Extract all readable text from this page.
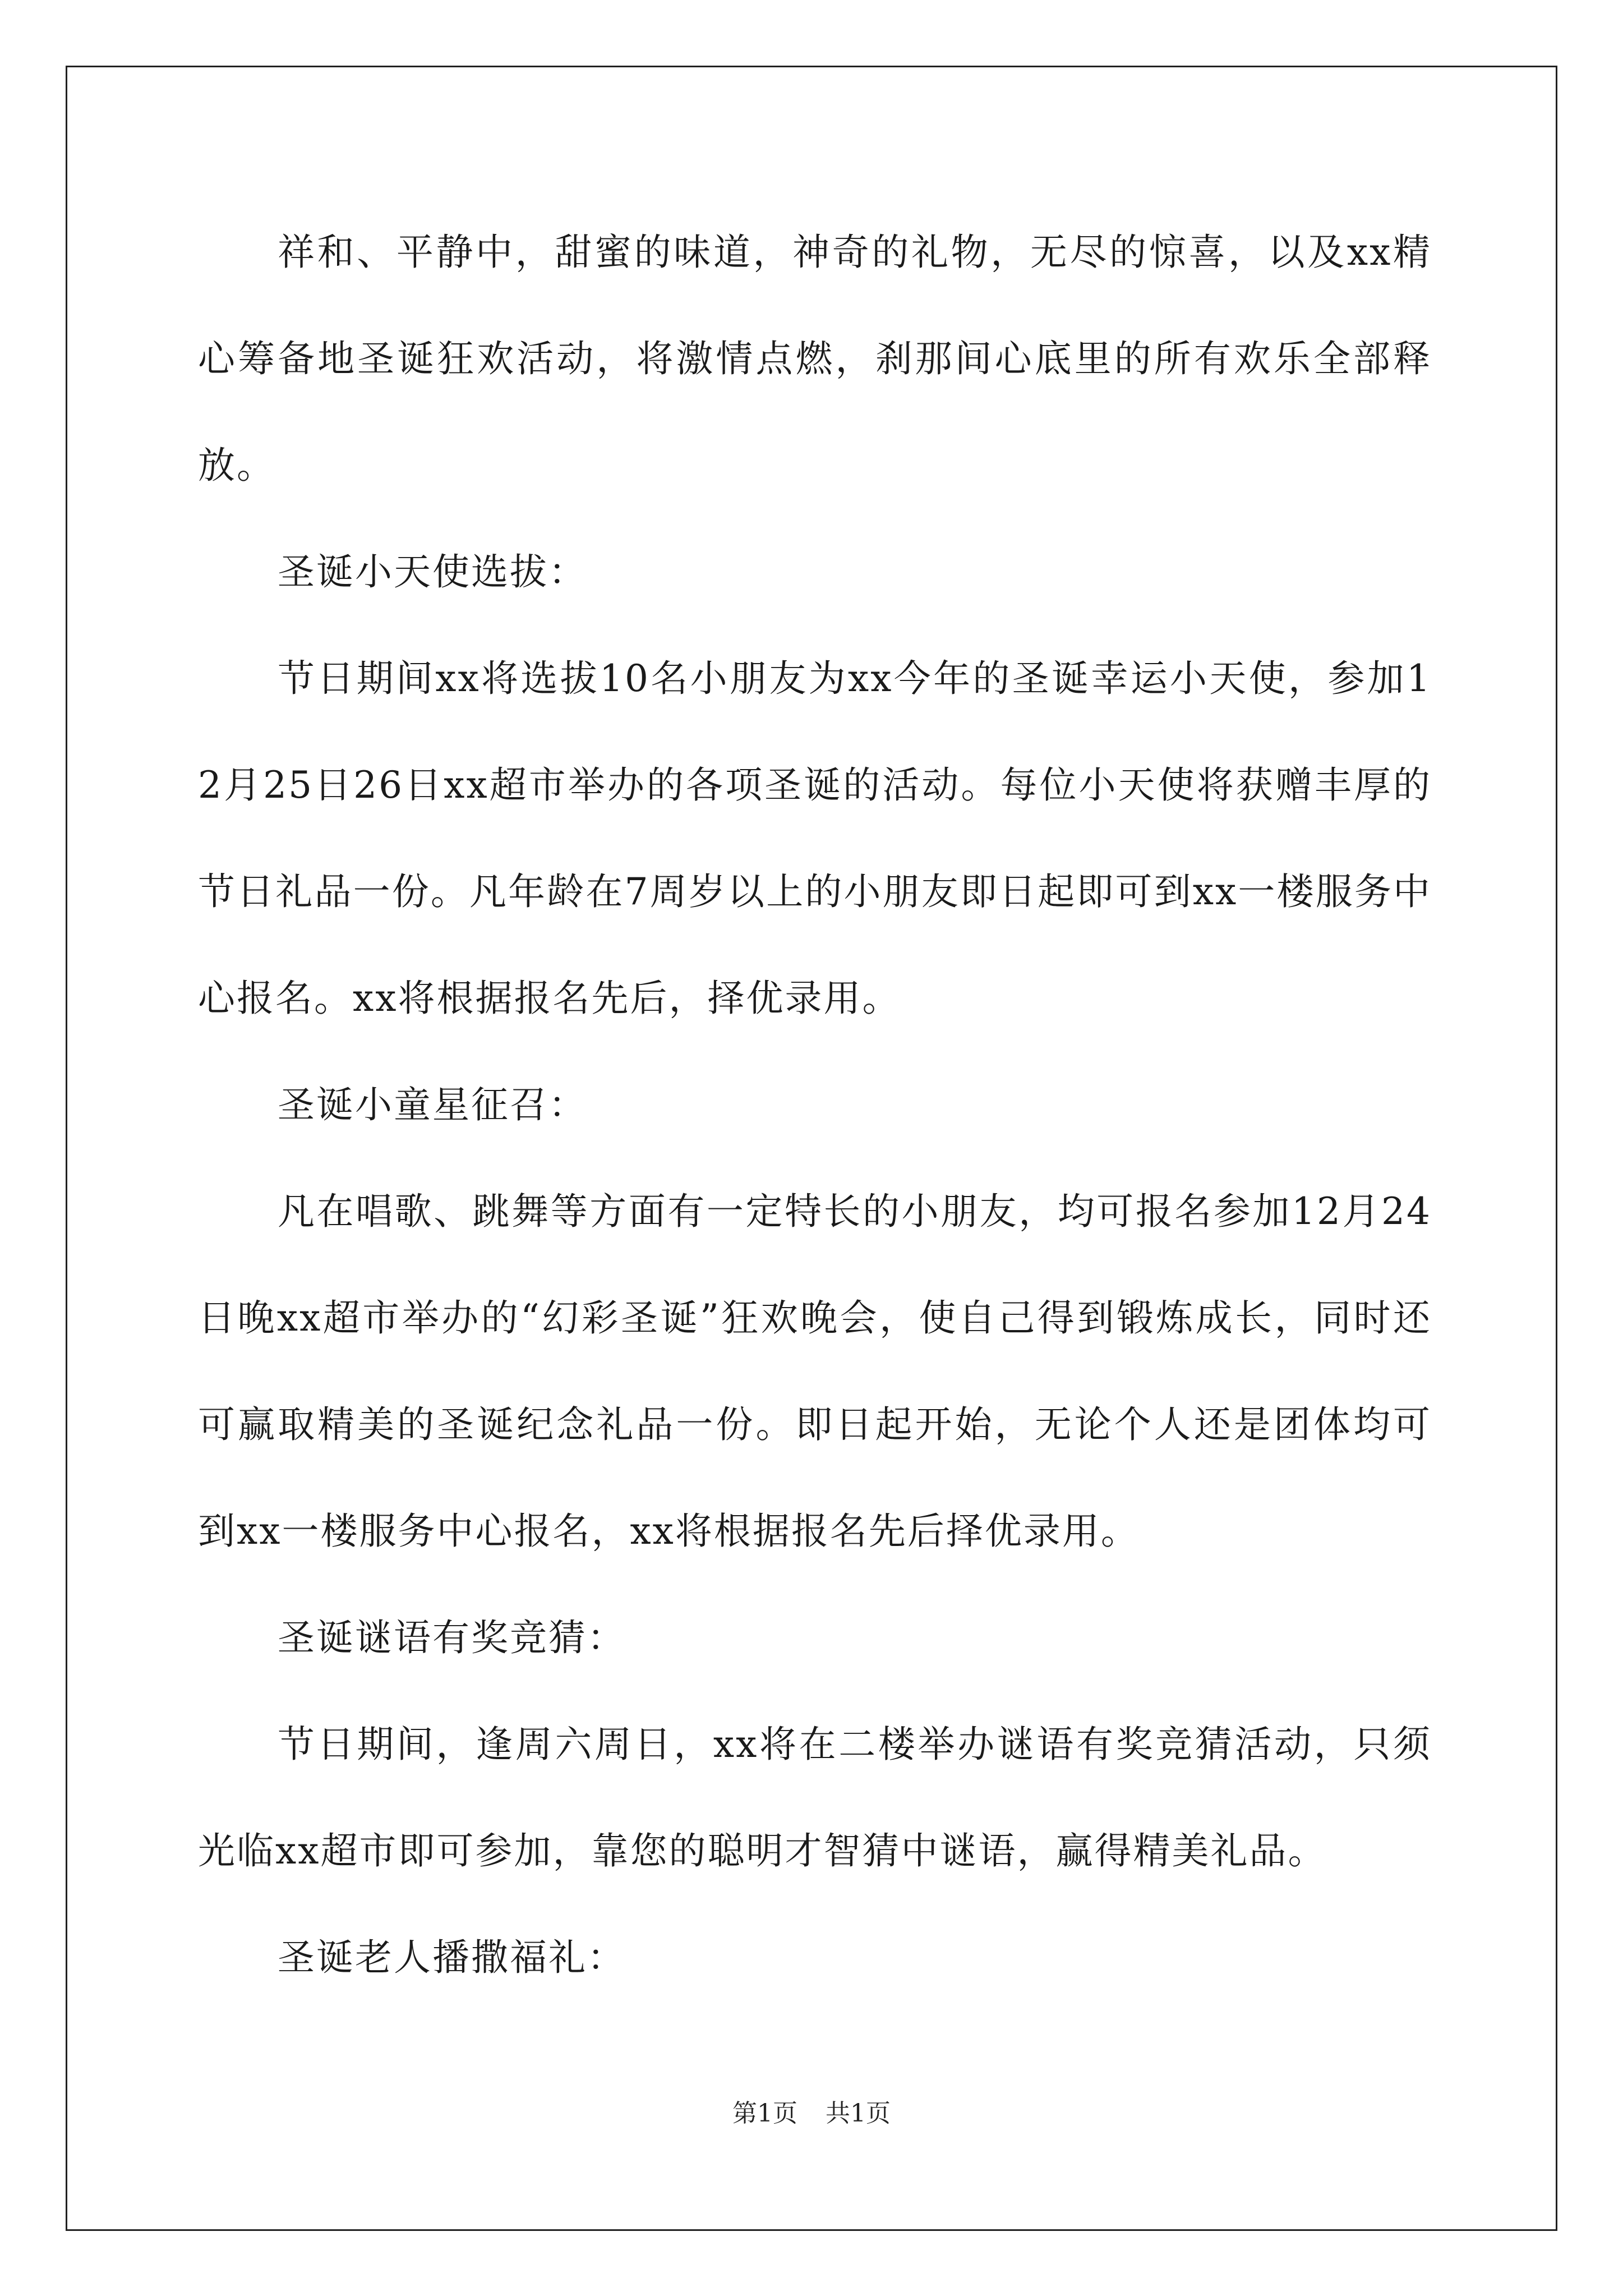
祥和、平静中，甜蜜的味道，神奇的礼物，无尽的惊喜，以及xx精心筹备地圣诞狂欢活动，将激情点燃，刹那间心底里的所有欢乐全部释放。

圣诞小天使选拔：

节日期间xx将选拔10名小朋友为xx今年的圣诞幸运小天使，参加12月25日26日xx超市举办的各项圣诞的活动。每位小天使将获赠丰厚的节日礼品一份。凡年龄在7周岁以上的小朋友即日起即可到xx一楼服务中心报名。xx将根据报名先后，择优录用。

圣诞小童星征召：

凡在唱歌、跳舞等方面有一定特长的小朋友，均可报名参加12月24日晚xx超市举办的“幻彩圣诞”狂欢晚会，使自己得到锻炼成长，同时还可赢取精美的圣诞纪念礼品一份。即日起开始，无论个人还是团体均可到xx一楼服务中心报名，xx将根据报名先后择优录用。

圣诞谜语有奖竞猜：

节日期间，逢周六周日，xx将在二楼举办谜语有奖竞猜活动，只须光临xx超市即可参加，靠您的聪明才智猜中谜语，赢得精美礼品。

圣诞老人播撒福礼：

第1页 共1页
